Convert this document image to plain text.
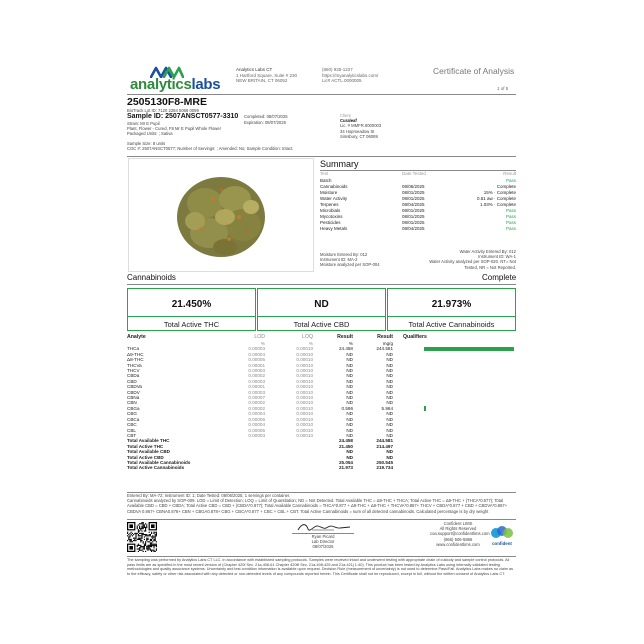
analyticslabs
Analytics Labs CT
1 Hartford Square, Suite # 230
NEW BRITAIN, CT 06052
(860) 925-1227
https://myanalyticslabs.com/
Lic# ACTL.0000005
Certificate of Analysis
1 of 5
2505130F8-MRE
BioTrack Lot ID: 7120 2284 5068 0099
Sample ID: 2507ANSCT0577-3310 Completed: 08/07/2025
Expiration: 08/07/2026
Strain: Mr E Pupil
Plant, Flower - Cured, F8 Mr E Pupil Whole Flower
Packaged Units: ; Sativa
Sample Size: 8 units
COC #: 2507ANSCT0577; Number of Servings: ; Amended: No; Sample Condition: Intact.
Client
Curaleaf
Lic. # MMFR.0000003
34 Hopmeadow St
Simsbury, CT 06089
Summary
Test	Date Tested	Result
Batch	Pass
Cannabinoids	08/06/2025	Complete
Moisture	08/01/2025	15% · Complete
Water Activity	08/01/2025	0.61 aw · Complete
Terpenes	08/04/2025	1.03% · Complete
Microbials	08/01/2025	Pass
Mycotoxins	08/01/2025	Pass
Pesticides	08/01/2025	Pass
Heavy Metals	08/04/2025	Pass
Moisture Entered By: 012
Instrument ID: MA-2
Moisture analyzed per SOP-004
Water Activity Entered By: 012
Instrument ID: WA-1
Water Activity analyzed per SOP-020. NT= Not
Tested, NR = Not Reported.
Cannabinoids	Complete
21.450%
Total Active THC
ND
Total Active CBD
21.973%
Total Active Cannabinoids
Analyte	LOD	LOQ	Result	Result	Qualifiers
	%	%	%	mg/g	
THCa	0.00003	0.00010	24.458	244.581	
Δ9-THC	0.00004	0.00010	ND	ND	
Δ8-THC	0.00005	0.00010	ND	ND	
THCVa	0.00001	0.00010	ND	ND	
THCV	0.00003	0.00010	ND	ND	
CBDa	0.00002	0.00010	ND	ND	
CBD	0.00003	0.00010	ND	ND	
CBDVa	0.00001	0.00010	ND	ND	
CBDV	0.00003	0.00010	ND	ND	
CBNa	0.00007	0.00010	ND	ND	
CBN	0.00002	0.00010	ND	ND	
CBGa	0.00002	0.00010	0.596	5.964	
CBG	0.00004	0.00010	ND	ND	
CBCa	0.00006	0.00010	ND	ND	
CBC	0.00004	0.00010	ND	ND	
CBL	0.00005	0.00010	ND	ND	
CBT	0.00003	0.00010	ND	ND	
Total Available THC			24.458	244.581	
Total Active THC			21.450	214.497	
Total Available CBD			ND	ND	
Total Active CBD			ND	ND	
Total Available Cannabinoids			25.054	250.545	
Total Active Cannabinoids			21.973	219.734	
Entered By: MA-72; Instrument ID: 1; Date Tested: 08/06/2025; 1 servings per container.
Cannabinoids analyzed by SOP-009. LOD = Limit of Detection; LOQ = Limit of Quantitation; ND = Not Detected. Total Available THC = Δ9-THC + THCA; Total Active THC = Δ9-THC + (THCA*0.877); Total Available CBD = CBD + CBDA; Total Active CBD = CBD + (CBDA*0.877); Total Available Cannabinoids = THCA*0.877 + Δ9-THC + Δ8-THC + THCVA*0.867+ THCV + CBDA*0.877 + CBD + CBDVA*0.867+ CBDVA 0.867+ CBNA0.876+ CBN + CBGA0.878+ CBG + CBCA*0.877 + CBC + CBL + CBT. Total Active Cannabinoids = sum of all detected cannabinoids. Calculated percentage is by dry weight
Ryan Picard
Lab Director
08/07/2025
Confident LIMS
All Rights Reserved
coa.support@confidentlims.com
(866) 506-5866
www.confidentlims.com	confident
The sampling was performed by Analytics Labs CT LLC. in accordance with established sampling protocols. Samples were received intact and underwent testing with appropriate chain of custody and sample control protocols. All pass limits are as specified in the most recent version of (Chapter 420f Sec. 21a-408-61 Chapter 420fii Sec. 21a-408-425 and 21a-421j 1-40). This product has been tested by Analytics Labs using internally validated testing methodologies and quality assurance systems. Uncertainty and test condition information is available upon request. Decision Rule (measurement of uncertainty) is not used to determine Pass/Fail. Analytics Labs makes no claim as to the efficacy, safety or other risk associated with any detected or non-detected levels of any compounds reported herein. This Certificate shall not be reproduced, except in full, without the written consent of Analytics Labs CT.
